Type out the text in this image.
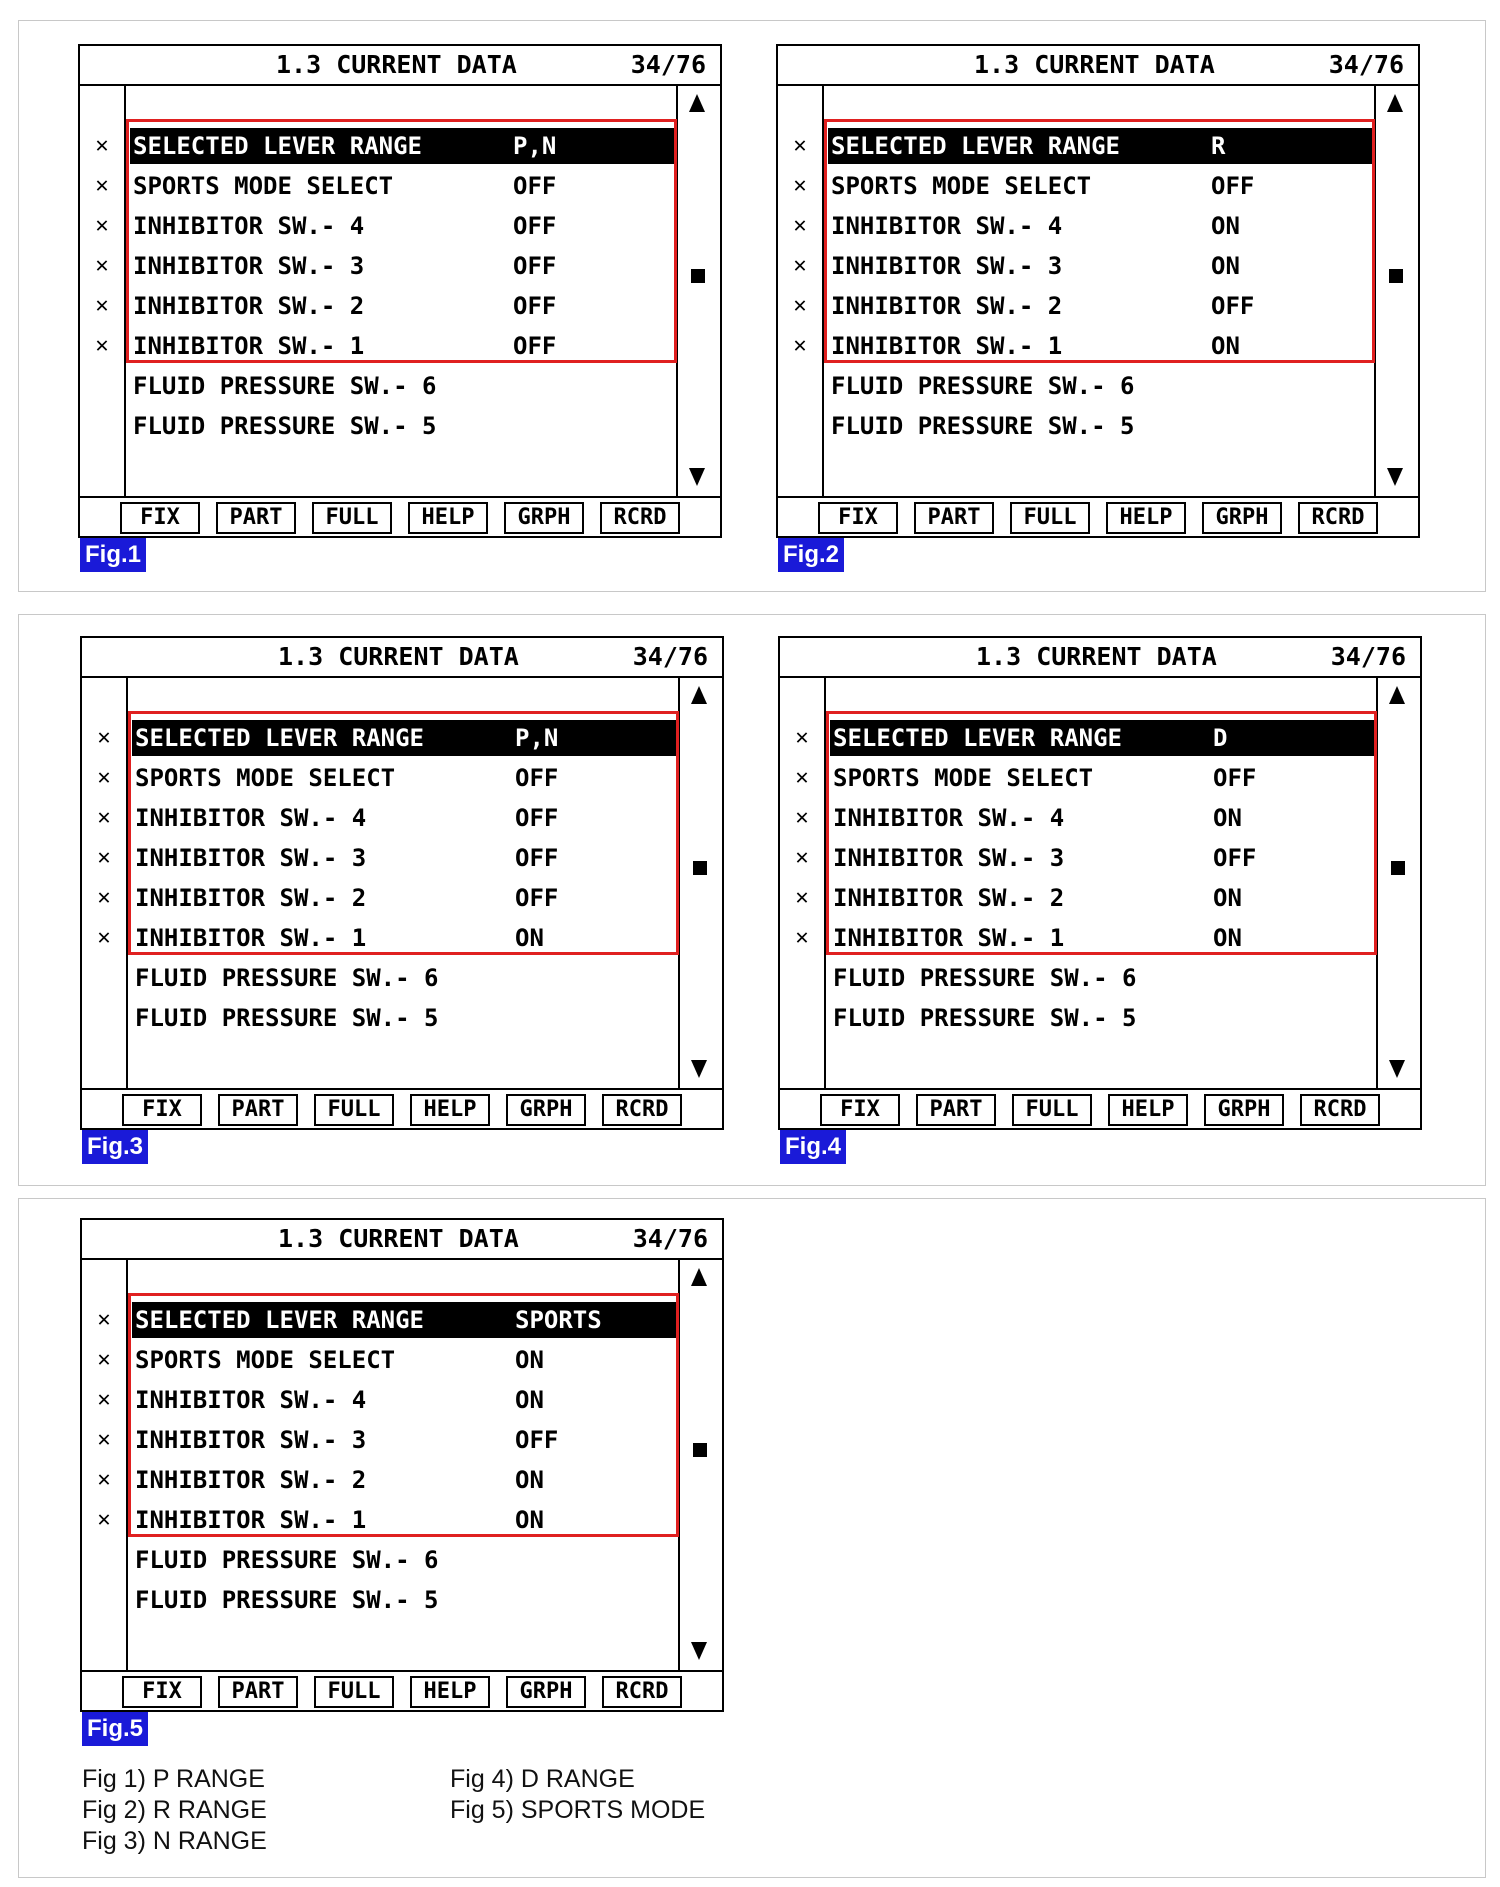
1.3 CURRENT DATA	34/76
✕ SELECTED LEVER RANGE	P,N
✕ SPORTS MODE SELECT	OFF
✕ INHIBITOR SW.- 4	OFF
✕ INHIBITOR SW.- 3	OFF
✕ INHIBITOR SW.- 2	OFF
✕ INHIBITOR SW.- 1	OFF
FLUID PRESSURE SW.- 6
FLUID PRESSURE SW.- 5
FIX	PART	FULL	HELP	GRPH	RCRD
Fig.1
1.3 CURRENT DATA	34/76
✕ SELECTED LEVER RANGE	R
✕ SPORTS MODE SELECT	OFF
✕ INHIBITOR SW.- 4	ON
✕ INHIBITOR SW.- 3	ON
✕ INHIBITOR SW.- 2	OFF
✕ INHIBITOR SW.- 1	ON
FLUID PRESSURE SW.- 6
FLUID PRESSURE SW.- 5
FIX	PART	FULL	HELP	GRPH	RCRD
Fig.2
1.3 CURRENT DATA	34/76
✕ SELECTED LEVER RANGE	P,N
✕ SPORTS MODE SELECT	OFF
✕ INHIBITOR SW.- 4	OFF
✕ INHIBITOR SW.- 3	OFF
✕ INHIBITOR SW.- 2	OFF
✕ INHIBITOR SW.- 1	ON
FLUID PRESSURE SW.- 6
FLUID PRESSURE SW.- 5
FIX	PART	FULL	HELP	GRPH	RCRD
Fig.3
1.3 CURRENT DATA	34/76
✕ SELECTED LEVER RANGE	D
✕ SPORTS MODE SELECT	OFF
✕ INHIBITOR SW.- 4	ON
✕ INHIBITOR SW.- 3	OFF
✕ INHIBITOR SW.- 2	ON
✕ INHIBITOR SW.- 1	ON
FLUID PRESSURE SW.- 6
FLUID PRESSURE SW.- 5
FIX	PART	FULL	HELP	GRPH	RCRD
Fig.4
1.3 CURRENT DATA	34/76
✕ SELECTED LEVER RANGE	SPORTS
✕ SPORTS MODE SELECT	ON
✕ INHIBITOR SW.- 4	ON
✕ INHIBITOR SW.- 3	OFF
✕ INHIBITOR SW.- 2	ON
✕ INHIBITOR SW.- 1	ON
FLUID PRESSURE SW.- 6
FLUID PRESSURE SW.- 5
FIX	PART	FULL	HELP	GRPH	RCRD
Fig.5
Fig 1) P RANGE
Fig 2) R RANGE
Fig 3) N RANGE
Fig 4) D RANGE
Fig 5) SPORTS MODE
